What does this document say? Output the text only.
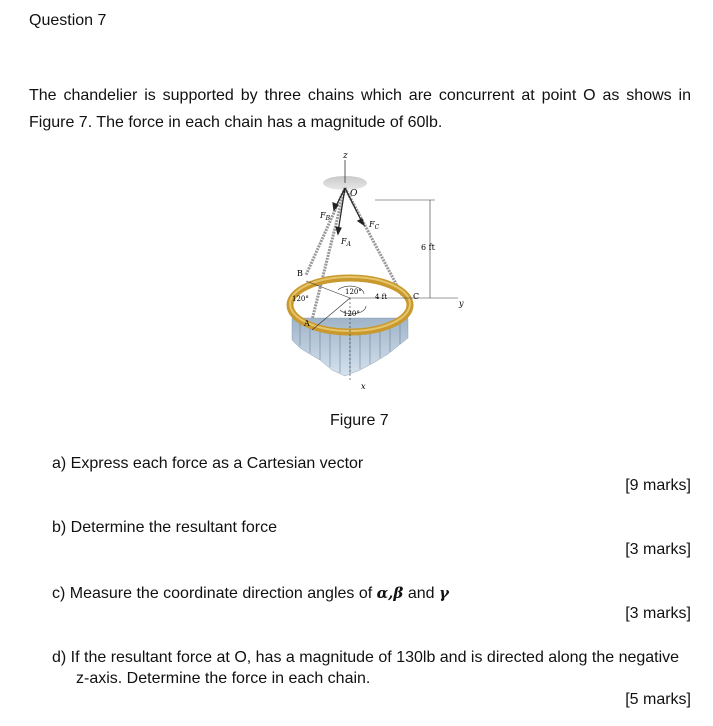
Question 7
The chandelier is supported by three chains which are concurrent at point O as shows in
Figure 7. The force in each chain has a magnitude of 60lb.
z
O
6 ft
$F_B$
$F_C$
$F_A$
B
A
C
4 ft
120°
120°
120°
y
x
Figure 7
a) Express each force as a Cartesian vector
[9 marks]
b) Determine the resultant force
[3 marks]
c) Measure the coordinate direction angles of α,β and γ
[3 marks]
d) If the resultant force at O, has a magnitude of 130lb and is directed along the negative
z-axis. Determine the force in each chain.
[5 marks]
